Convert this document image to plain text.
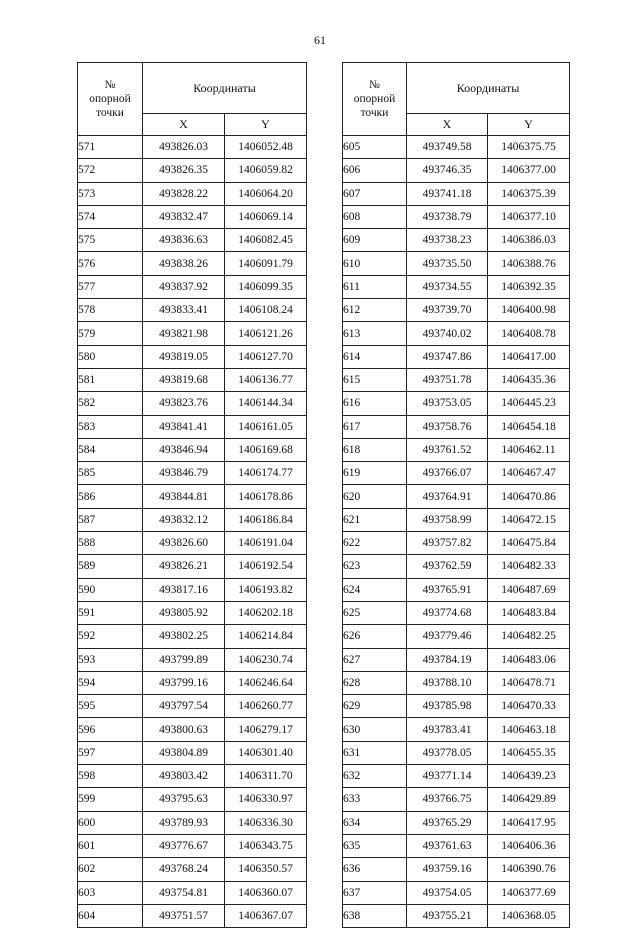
61
№
опорной
точки	Координаты	
	X	Y
571	493826.03	1406052.48
572	493826.35	1406059.82
573	493828.22	1406064.20
574	493832.47	1406069.14
575	493836.63	1406082.45
576	493838.26	1406091.79
577	493837.92	1406099.35
578	493833.41	1406108.24
579	493821.98	1406121.26
580	493819.05	1406127.70
581	493819.68	1406136.77
582	493823.76	1406144.34
583	493841.41	1406161.05
584	493846.94	1406169.68
585	493846.79	1406174.77
586	493844.81	1406178.86
587	493832.12	1406186.84
588	493826.60	1406191.04
589	493826.21	1406192.54
590	493817.16	1406193.82
591	493805.92	1406202.18
592	493802.25	1406214.84
593	493799.89	1406230.74
594	493799.16	1406246.64
595	493797.54	1406260.77
596	493800.63	1406279.17
597	493804.89	1406301.40
598	493803.42	1406311.70
599	493795.63	1406330.97
600	493789.93	1406336.30
601	493776.67	1406343.75
602	493768.24	1406350.57
603	493754.81	1406360.07
604	493751.57	1406367.07
№
опорной
точки	Координаты	
	X	Y
605	493749.58	1406375.75
606	493746.35	1406377.00
607	493741.18	1406375.39
608	493738.79	1406377.10
609	493738.23	1406386.03
610	493735.50	1406388.76
611	493734.55	1406392.35
612	493739.70	1406400.98
613	493740.02	1406408.78
614	493747.86	1406417.00
615	493751.78	1406435.36
616	493753.05	1406445.23
617	493758.76	1406454.18
618	493761.52	1406462.11
619	493766.07	1406467.47
620	493764.91	1406470.86
621	493758.99	1406472.15
622	493757.82	1406475.84
623	493762.59	1406482.33
624	493765.91	1406487.69
625	493774.68	1406483.84
626	493779.46	1406482.25
627	493784.19	1406483.06
628	493788.10	1406478.71
629	493785.98	1406470.33
630	493783.41	1406463.18
631	493778.05	1406455.35
632	493771.14	1406439.23
633	493766.75	1406429.89
634	493765.29	1406417.95
635	493761.63	1406406.36
636	493759.16	1406390.76
637	493754.05	1406377.69
638	493755.21	1406368.05
